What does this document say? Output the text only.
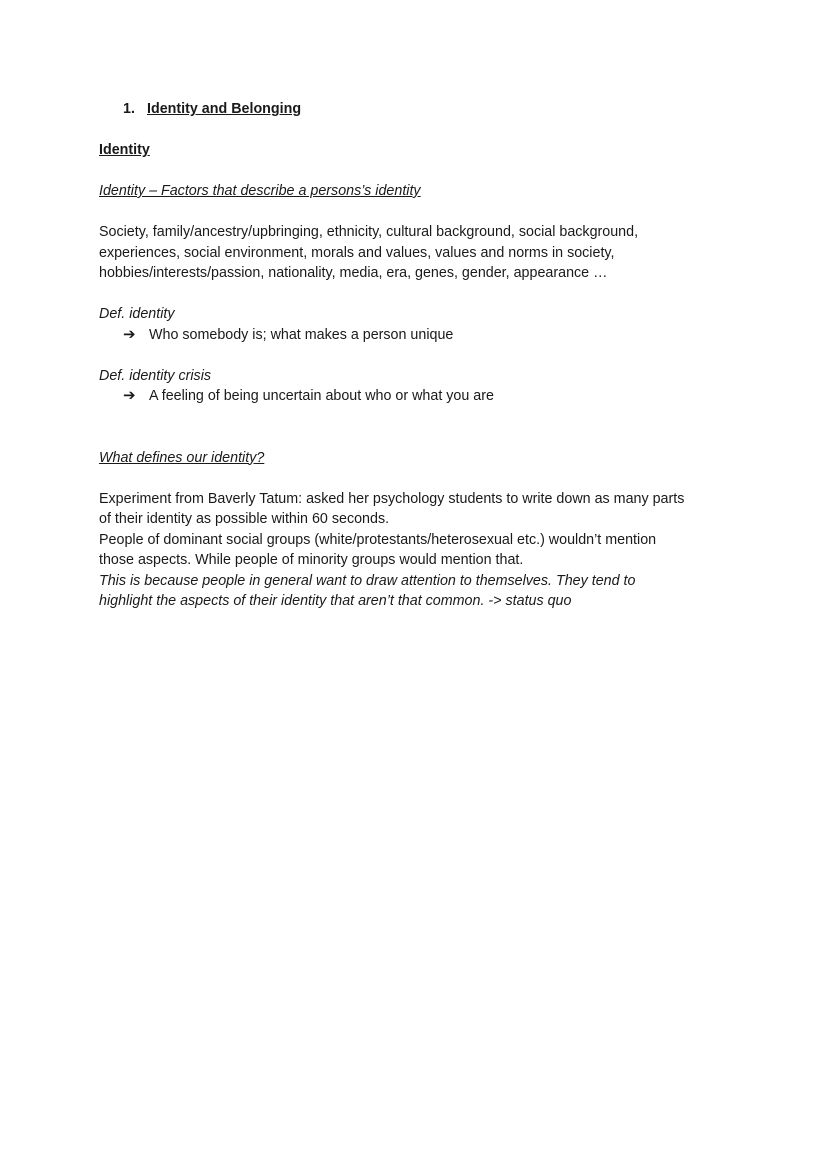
1. Identity and Belonging
Identity
Identity – Factors that describe a persons’s identity

Society, family/ancestry/upbringing, ethnicity, cultural background, social background,

experiences, social environment, morals and values, values and norms in society,

hobbies/interests/passion, nationality, media, era, genes, gender, appearance …

Def. identity
➔ Who somebody is; what makes a person unique
Def. identity crisis
➔ A feeling of being uncertain about who or what you are
What defines our identity?

Experiment from Baverly Tatum: asked her psychology students to write down as many parts

of their identity as possible within 60 seconds.

People of dominant social groups (white/protestants/heterosexual etc.) wouldn’t mention

those aspects. While people of minority groups would mention that.

This is because people in general want to draw attention to themselves. They tend to

highlight the aspects of their identity that aren’t that common. -> status quo
